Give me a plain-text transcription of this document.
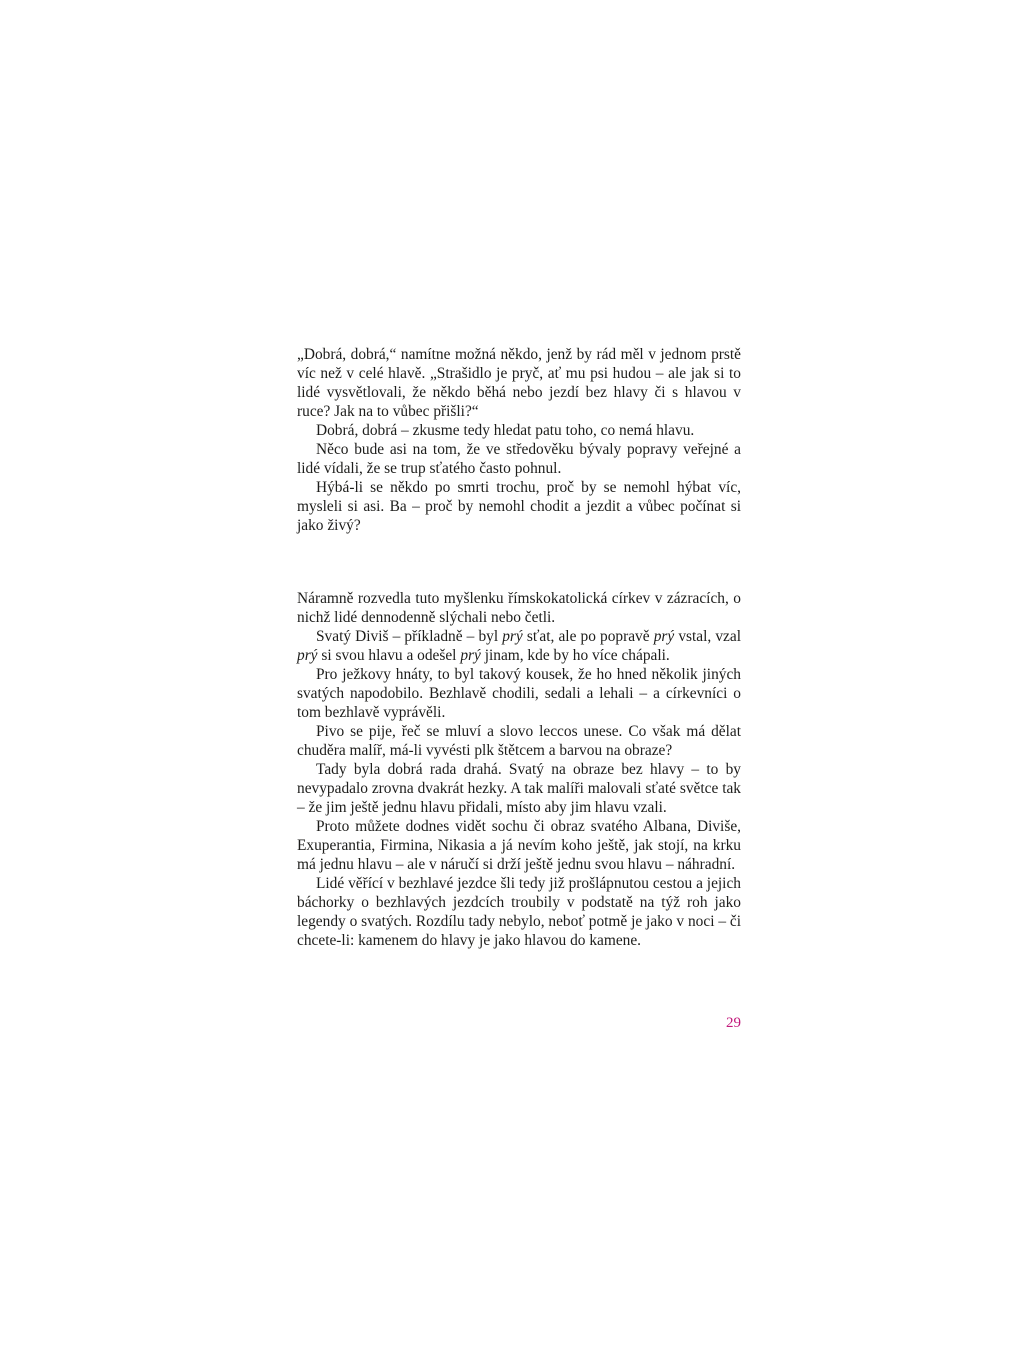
„Dobrá, dobrá,“ namítne možná někdo, jenž by rád měl v jednom prstě víc než v celé hlavě. „Strašidlo je pryč, ať mu psi hudou – ale jak si to lidé vysvětlovali, že někdo běhá nebo jezdí bez hlavy či s hlavou v ruce? Jak na to vůbec přišli?“

Dobrá, dobrá – zkusme tedy hledat patu toho, co nemá hlavu.

Něco bude asi na tom, že ve středověku bývaly popravy veřejné a lidé vídali, že se trup sťatého často pohnul.

Hýbá-li se někdo po smrti trochu, proč by se nemohl hýbat víc, mysleli si asi. Ba – proč by nemohl chodit a jezdit a vůbec počínat si jako živý?

Náramně rozvedla tuto myšlenku římskokatolická církev v zázracích, o nichž lidé dennodenně slýchali nebo četli.

Svatý Diviš – příkladně – byl prý sťat, ale po popravě prý vstal, vzal prý si svou hlavu a odešel prý jinam, kde by ho více chápali.

Pro ježkovy hnáty, to byl takový kousek, že ho hned několik jiných svatých napodobilo. Bezhlavě chodili, sedali a lehali – a církevníci o tom bezhlavě vyprávěli.

Pivo se pije, řeč se mluví a slovo leccos unese. Co však má dělat chuděra malíř, má-li vyvésti plk štětcem a barvou na obraze?

Tady byla dobrá rada drahá. Svatý na obraze bez hlavy – to by nevypadalo zrovna dvakrát hezky. A tak malíři malovali sťaté světce tak – že jim ještě jednu hlavu přidali, místo aby jim hlavu vzali.

Proto můžete dodnes vidět sochu či obraz svatého Albana, Diviše, Exuperantia, Firmina, Nikasia a já nevím koho ještě, jak stojí, na krku má jednu hlavu – ale v náručí si drží ještě jednu svou hlavu – náhradní.

Lidé věřící v bezhlavé jezdce šli tedy již prošlápnutou cestou a jejich báchorky o bezhlavých jezdcích troubily v podstatě na týž roh jako legendy o svatých. Rozdílu tady nebylo, neboť potmě je jako v noci – či chcete-li: kamenem do hlavy je jako hlavou do kamene.

29
